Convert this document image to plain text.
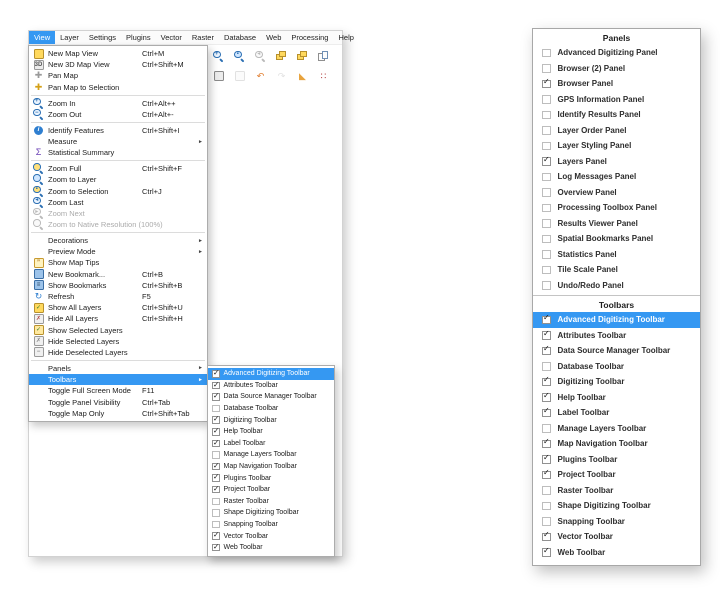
View	Layer	Settings	Plugins	Vector	Raster	Database	Web	Processing	Help
+	▪	◂
↶ ↷ ◣ ∷
New Map View	Ctrl+M
3D New 3D Map View	Ctrl+Shift+M
✚ Pan Map
✚ Pan Map to Selection
+ Zoom In	Ctrl+Alt++
− Zoom Out	Ctrl+Alt+-
i	Identify Features	Ctrl+Shift+I
Measure	►
Σ Statistical Summary
Zoom Full	Ctrl+Shift+F
Zoom to Layer
▪	Zoom to Selection	Ctrl+J
◂	Zoom Last
▸	Zoom Next
Zoom to Native Resolution (100%)
Decorations	►
Preview Mode	►
”	Show Map Tips
New Bookmark...	Ctrl+B
≡	Show Bookmarks	Ctrl+Shift+B
↻ Refresh	F5
✓ Show All Layers	Ctrl+Shift+U
✗ Hide All Layers	Ctrl+Shift+H
✓ Show Selected Layers
✗ Hide Selected Layers
−	Hide Deselected Layers
Panels	►
Toolbars	►
Toggle Full Screen Mode F11
Toggle Panel Visibility	Ctrl+Tab
Toggle Map Only	Ctrl+Shift+Tab
✓ Advanced Digitizing Toolbar
✓ Attributes Toolbar
✓ Data Source Manager Toolbar
Database Toolbar
✓ Digitizing Toolbar
✓ Help Toolbar
✓ Label Toolbar
Manage Layers Toolbar
✓ Map Navigation Toolbar
✓ Plugins Toolbar
✓ Project Toolbar
Raster Toolbar
Shape Digitizing Toolbar
Snapping Toolbar
✓ Vector Toolbar
✓ Web Toolbar
Panels
Advanced Digitizing Panel
Browser (2) Panel
✓ Browser Panel
GPS Information Panel
Identify Results Panel
Layer Order Panel
Layer Styling Panel
✓ Layers Panel
Log Messages Panel
Overview Panel
Processing Toolbox Panel
Results Viewer Panel
Spatial Bookmarks Panel
Statistics Panel
Tile Scale Panel
Undo/Redo Panel
Toolbars
✓ Advanced Digitizing Toolbar
✓ Attributes Toolbar
✓ Data Source Manager Toolbar
Database Toolbar
✓ Digitizing Toolbar
✓ Help Toolbar
✓ Label Toolbar
Manage Layers Toolbar
✓ Map Navigation Toolbar
✓ Plugins Toolbar
✓ Project Toolbar
Raster Toolbar
Shape Digitizing Toolbar
Snapping Toolbar
✓ Vector Toolbar
✓ Web Toolbar
